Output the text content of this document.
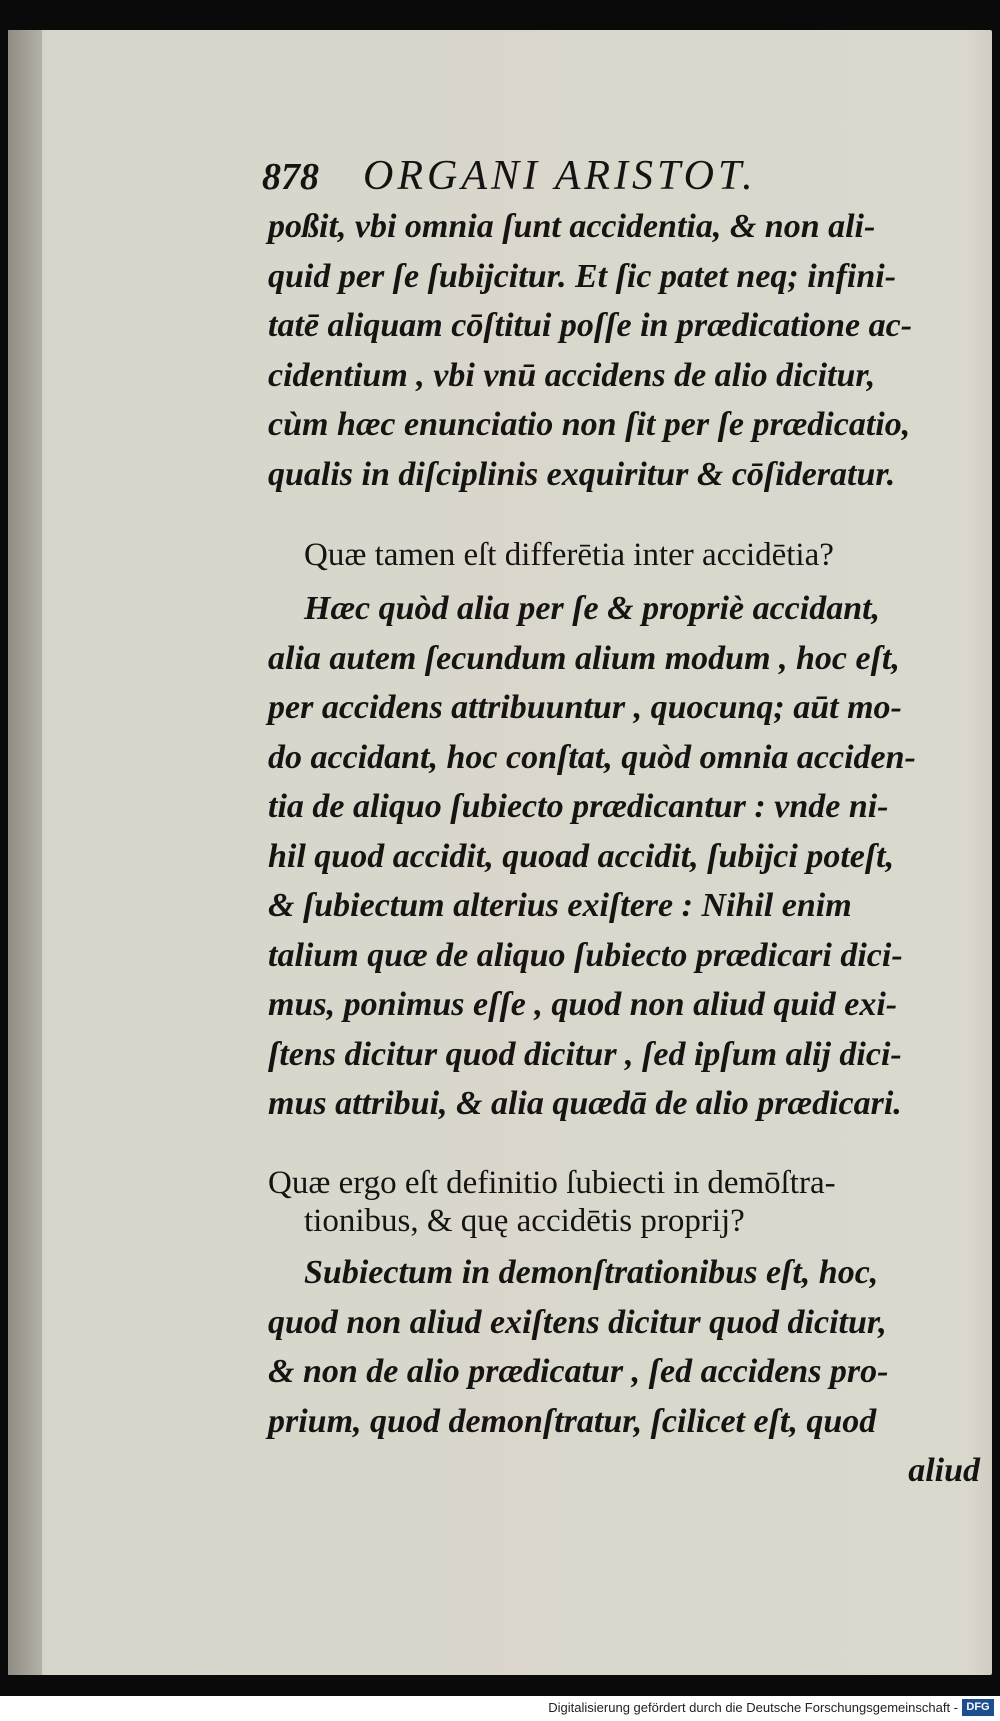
878 ORGANI ARISTOT.
poßit, vbi omnia ſunt accidentia, & non ali-
quid per ſe ſubijcitur. Et ſic patet neq; infini-
tatē aliquam cōſtitui poſſe in prædicatione ac-
cidentium , vbi vnū accidens de alio dicitur,
cùm hæc enunciatio non ſit per ſe prædicatio,
qualis in diſciplinis exquiritur & cōſideratur.
Quæ tamen eſt differētia inter accidētia?
Hæc quòd alia per ſe & propriè accidant,
alia autem ſecundum alium modum , hoc eſt,
per accidens attribuuntur , quocunq; aūt mo-
do accidant, hoc conſtat, quòd omnia acciden-
tia de aliquo ſubiecto prædicantur : vnde ni-
hil quod accidit, quoad accidit, ſubijci poteſt,
& ſubiectum alterius exiſtere : Nihil enim
talium quæ de aliquo ſubiecto prædicari dici-
mus, ponimus eſſe , quod non aliud quid exi-
ſtens dicitur quod dicitur , ſed ipſum alij dici-
mus attribui, & alia quædā de alio prædicari.
Quæ ergo eſt definitio ſubiecti in demōſtra-
tionibus, & quę accidētis proprij?
Subiectum in demonſtrationibus eſt, hoc,
quod non aliud exiſtens dicitur quod dicitur,
& non de alio prædicatur , ſed accidens pro-
prium, quod demonſtratur, ſcilicet eſt, quod
aliud
Digitalisierung gefördert durch die Deutsche Forschungsgemeinschaft - DFG
